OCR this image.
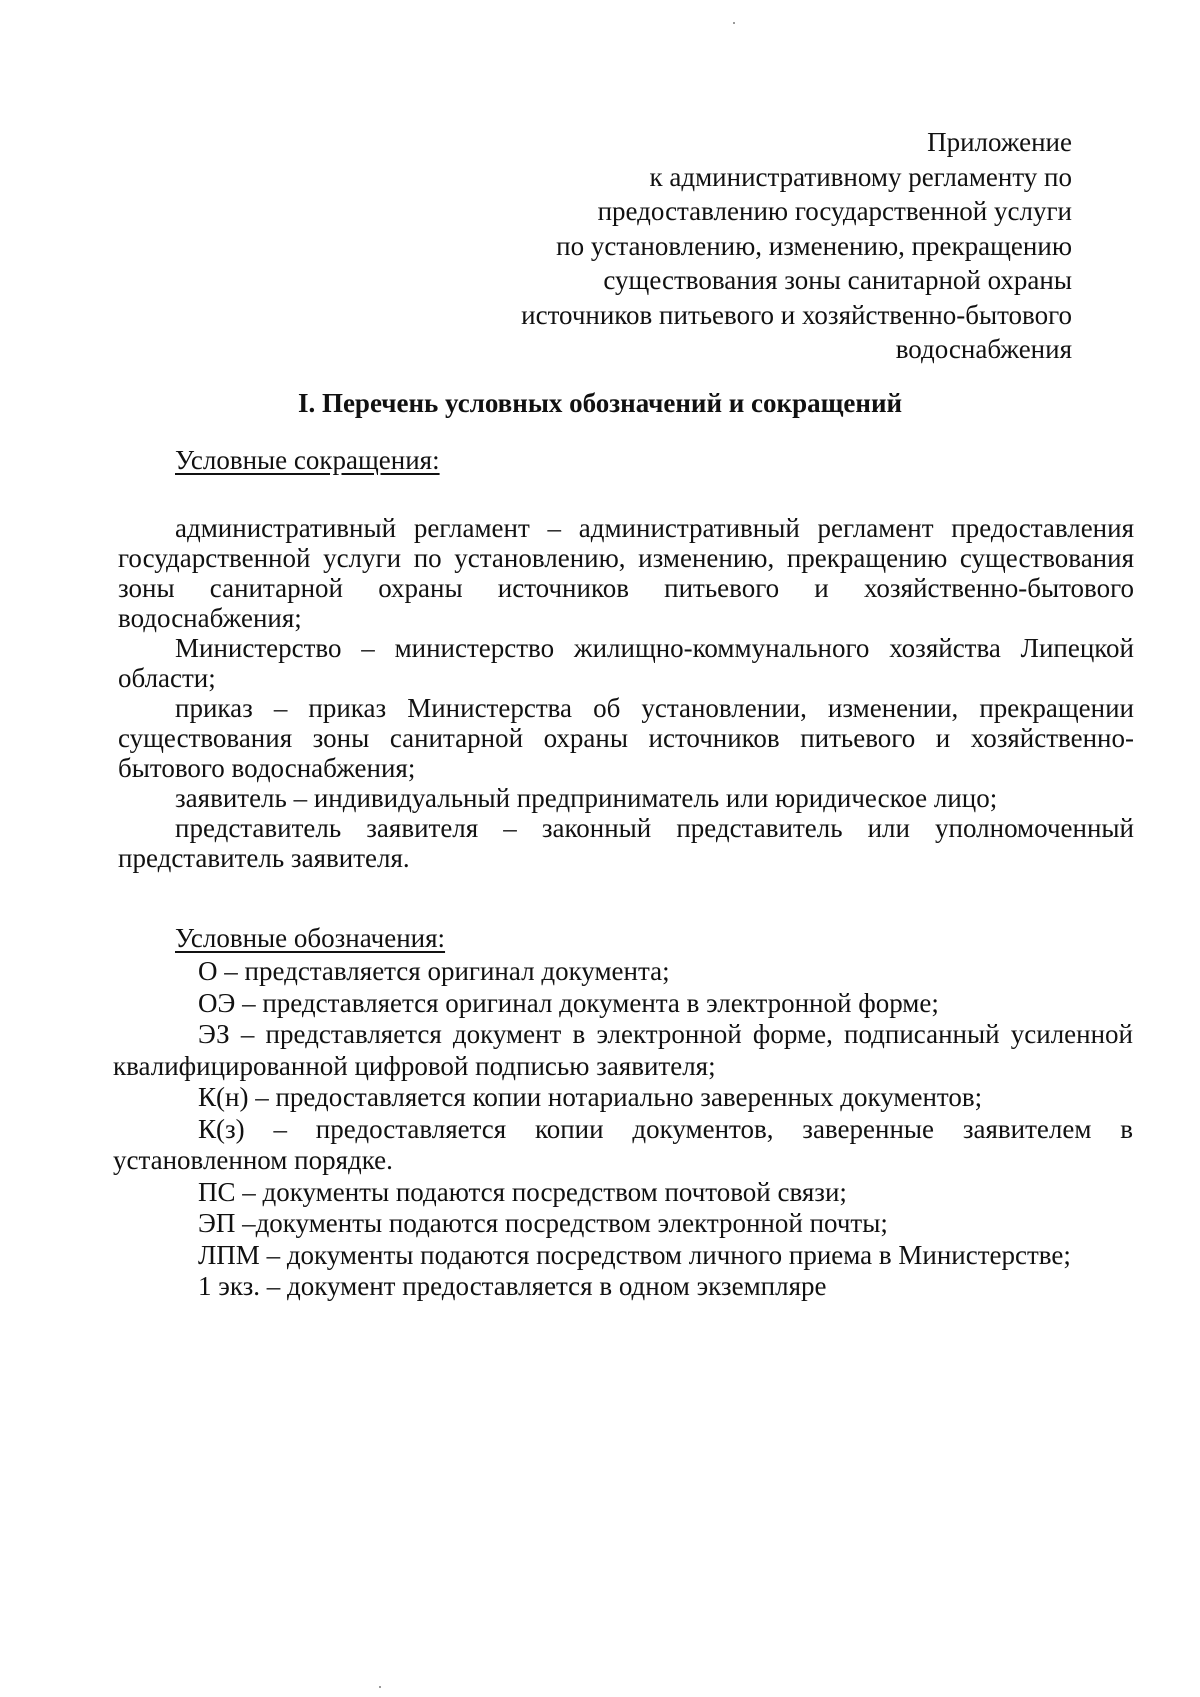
Приложение
к административному регламенту по
предоставлению государственной услуги
по установлению, изменению, прекращению
существования зоны санитарной охраны
источников питьевого и хозяйственно-бытового
водоснабжения
I. Перечень условных обозначений и сокращений
Условные сокращения:

административный регламент – административный регламент предоставления государственной услуги по установлению, изменению, прекращению существования зоны санитарной охраны источников питьевого и хозяйственно-бытового водоснабжения;

Министерство – министерство жилищно-коммунального хозяйства Липецкой области;

приказ – приказ Министерства об установлении, изменении, прекращении существования зоны санитарной охраны источников питьевого и хозяйственно-бытового водоснабжения;

заявитель – индивидуальный предприниматель или юридическое лицо;

представитель заявителя – законный представитель или уполномоченный представитель заявителя.

Условные обозначения:

О – представляется оригинал документа;

ОЭ – представляется оригинал документа в электронной форме;

ЭЗ – представляется документ в электронной форме, подписанный усиленной квалифицированной цифровой подписью заявителя;

К(н) – предоставляется копии нотариально заверенных документов;

К(з) – предоставляется копии документов, заверенные заявителем в установленном порядке.

ПС – документы подаются посредством почтовой связи;

ЭП –документы подаются посредством электронной почты;

ЛПМ – документы подаются посредством личного приема в Министерстве;

1 экз. – документ предоставляется в одном экземпляре
